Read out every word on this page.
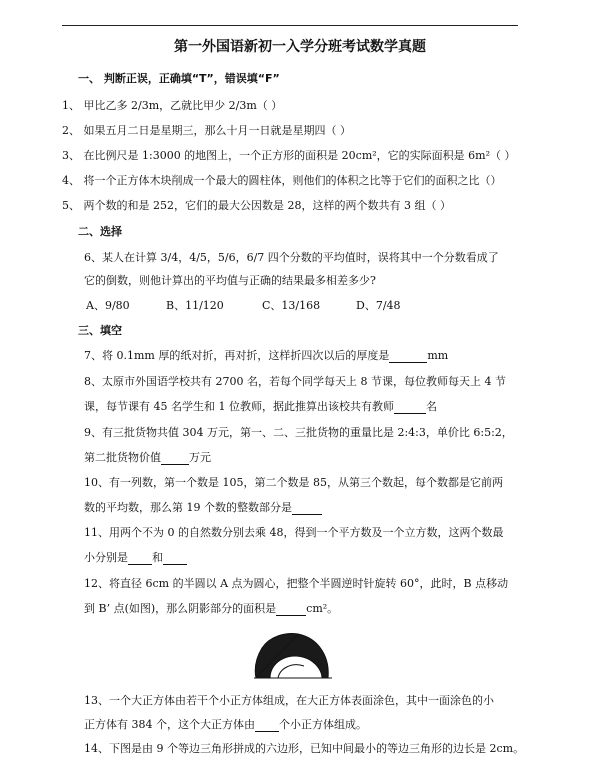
第一外国语新初一入学分班考试数学真题
一、 判断正误，正确填“T”，错误填“F”
1、 甲比乙多 2/3m，乙就比甲少 2/3m（ ）
2、 如果五月二日是星期三，那么十月一日就是星期四（ ）
3、 在比例尺是 1:3000 的地图上，一个正方形的面积是 20cm²，它的实际面积是 6m²（ ）
4、 将一个正方体木块削成一个最大的圆柱体，则他们的体积之比等于它们的面积之比（）
5、 两个数的和是 252，它们的最大公因数是 28，这样的两个数共有 3 组（ ）
二、选择
6、某人在计算 3/4，4/5，5/6，6/7 四个分数的平均值时，误将其中一个分数看成了
它的倒数，则他计算出的平均值与正确的结果最多相差多少?
A、9/80	B、11/120	C、13/168	D、7/48
三、填空
7、将 0.1mm 厚的纸对折，再对折，这样折四次以后的厚度是	mm
8、太原市外国语学校共有 2700 名，若每个同学每天上 8 节课，每位教师每天上 4 节
课，每节课有 45 名学生和 1 位教师，据此推算出该校共有教师	名
9、有三批货物共值 304 万元，第一、二、三批货物的重量比是 2:4:3，单价比 6:5:2，
第二批货物价值	万元
10、有一列数，第一个数是 105，第二个数是 85，从第三个数起，每个数都是它前两
数的平均数，那么第 19 个数的整数部分是
11、用两个不为 0 的自然数分别去乘 48，得到一个平方数及一个立方数，这两个数最
小分别是 和
12、将直径 6cm 的半圆以 A 点为圆心，把整个半圆逆时针旋转 60°，此时，B 点移动
到 B’ 点(如图)，那么阴影部分的面积是	cm²。
13、一个大正方体由若干个小正方体组成，在大正方体表面涂色，其中一面涂色的小
正方体有 384 个，这个大正方体由 个小正方体组成。
14、下图是由 9 个等边三角形拼成的六边形，已知中间最小的等边三角形的边长是 2cm。
